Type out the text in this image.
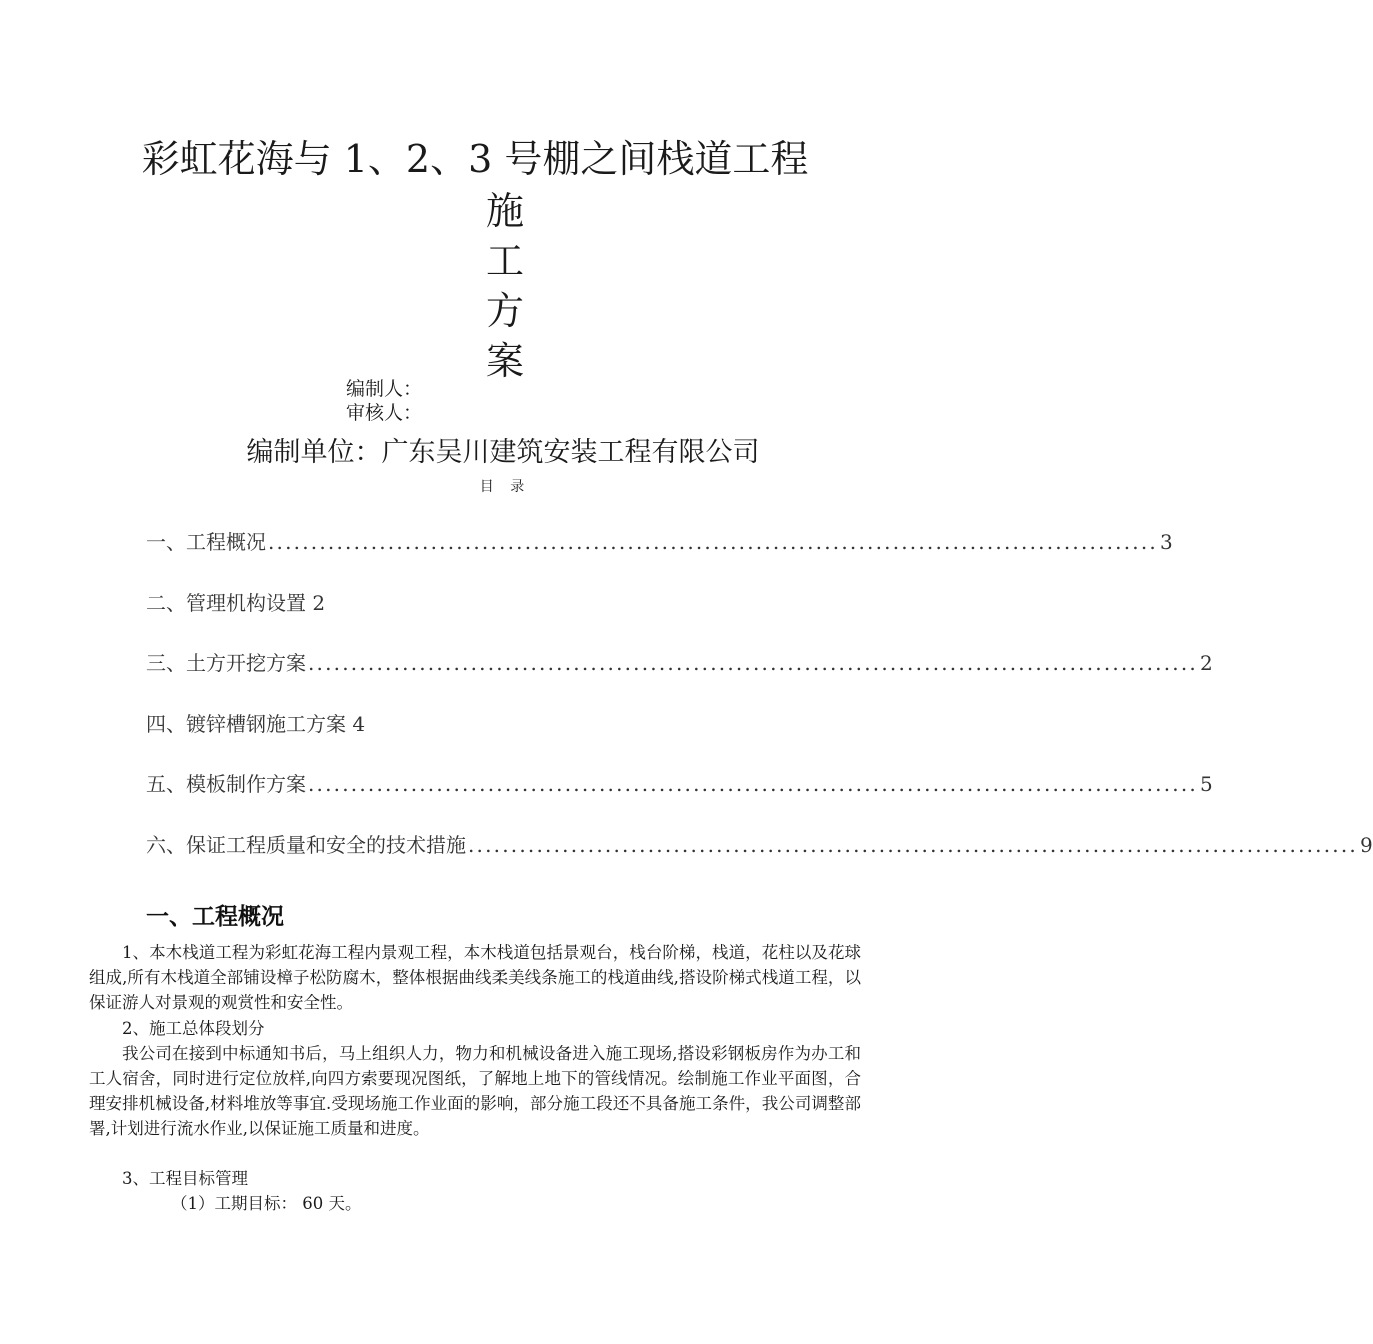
彩虹花海与 1、2、3 号棚之间栈道工程
施
工
方
案
编制人：
审核人：
编制单位：广东吴川建筑安装工程有限公司
目 录
一、工程概况 ........................................................................................................ 3
二、管理机构设置 2
三、土方开挖方案 ........................................................................................................ 2
四、镀锌槽钢施工方案 4
五、模板制作方案 ........................................................................................................ 5
六、保证工程质量和安全的技术措施 ........................................................................................................ 9
一、工程概况
1、本木栈道工程为彩虹花海工程内景观工程，本木栈道包括景观台，栈台阶梯，栈道，花柱以及花球组成,所有木栈道全部铺设樟子松防腐木，整体根据曲线柔美线条施工的栈道曲线,搭设阶梯式栈道工程，以保证游人对景观的观赏性和安全性。
2、施工总体段划分
我公司在接到中标通知书后，马上组织人力，物力和机械设备进入施工现场,搭设彩钢板房作为办工和工人宿舍，同时进行定位放样,向四方索要现况图纸，了解地上地下的管线情况。绘制施工作业平面图，合理安排机械设备,材料堆放等事宜.受现场施工作业面的影响，部分施工段还不具备施工条件，我公司调整部署,计划进行流水作业,以保证施工质量和进度。
3、工程目标管理
（1）工期目标： 60 天。
